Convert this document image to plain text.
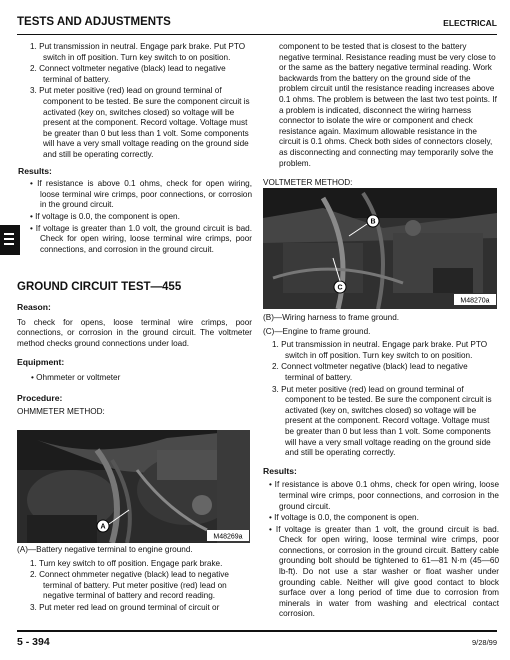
TESTS AND ADJUSTMENTS	ELECTRICAL

1. Put transmission in neutral. Engage park brake. Put PTO switch in off position. Turn key switch to on position.

2. Connect voltmeter negative (black) lead to negative terminal of battery.

3. Put meter positive (red) lead on ground terminal of component to be tested. Be sure the component circuit is activated (key on, switches closed) so voltage will be present at the component. Record voltage. Voltage must be greater than 0 but less than 1 volt. Some components will have a very small voltage reading on the ground side and still be operating correctly.

Results:

• If resistance is above 0.1 ohms, check for open wiring, loose terminal wire crimps, poor connections, or corrosion in the ground circuit.

• If voltage is 0.0, the component is open.

• If voltage is greater than 1.0 volt, the ground circuit is bad. Check for open wiring, loose terminal wire crimps, poor connections, and corrosion in the ground circuit.

GROUND CIRCUIT TEST—455

Reason:

To check for opens, loose terminal wire crimps, poor connections, or corrosion in the ground circuit. The voltmeter method checks ground connections under load.

Equipment:

• Ohmmeter or voltmeter

Procedure:

OHMMETER METHOD:

A
M48269a

(A)—Battery negative terminal to engine ground.

1. Turn key switch to off position. Engage park brake.

2. Connect ohmmeter negative (black) lead to negative terminal of battery. Put meter positive (red) lead on negative terminal of battery and record reading.

3. Put meter red lead on ground terminal of circuit or

component to be tested that is closest to the battery negative terminal. Resistance reading must be very close to or the same as the battery negative terminal reading. Work backwards from the battery on the ground side of the problem circuit until the resistance reading increases above 0.1 ohms. The problem is between the last two test points. If a problem is indicated, disconnect the wiring harness connector to isolate the wire or component and check resistance again. Maximum allowable resistance in the circuit is 0.1 ohms. Check both sides of connectors closely, as disconnecting and connecting may temporarily solve the problem.

VOLTMETER METHOD:

B
C
M48270a

(B)—Wiring harness to frame ground.

(C)—Engine to frame ground.

1. Put transmission in neutral. Engage park brake. Put PTO switch in off position. Turn key switch to on position.

2. Connect voltmeter negative (black) lead to negative terminal of battery.

3. Put meter positive (red) lead on ground terminal of component to be tested. Be sure the component circuit is activated (key on, switches closed) so voltage will be present at the component. Record voltage. Voltage must be greater than 0 but less than 1 volt. Some components will have a very small voltage reading on the ground side and still be operating correctly.

Results:

• If resistance is above 0.1 ohms, check for open wiring, loose terminal wire crimps, poor connections, and corrosion in the ground circuit.

• If voltage is 0.0, the component is open.

• If voltage is greater than 1 volt, the ground circuit is bad. Check for open wiring, loose terminal wire crimps, poor connections, or corrosion in the ground circuit. Battery cable grounding bolt should be tightened to 61—81 N·m (45—60 lb-ft). Do not use a star washer or float washer under grounding cable. Neither will give good contact to block surface over a long period of time due to corrosion from minerals in water from washing and electrical contact corrosion.

5 - 394	9/28/99
